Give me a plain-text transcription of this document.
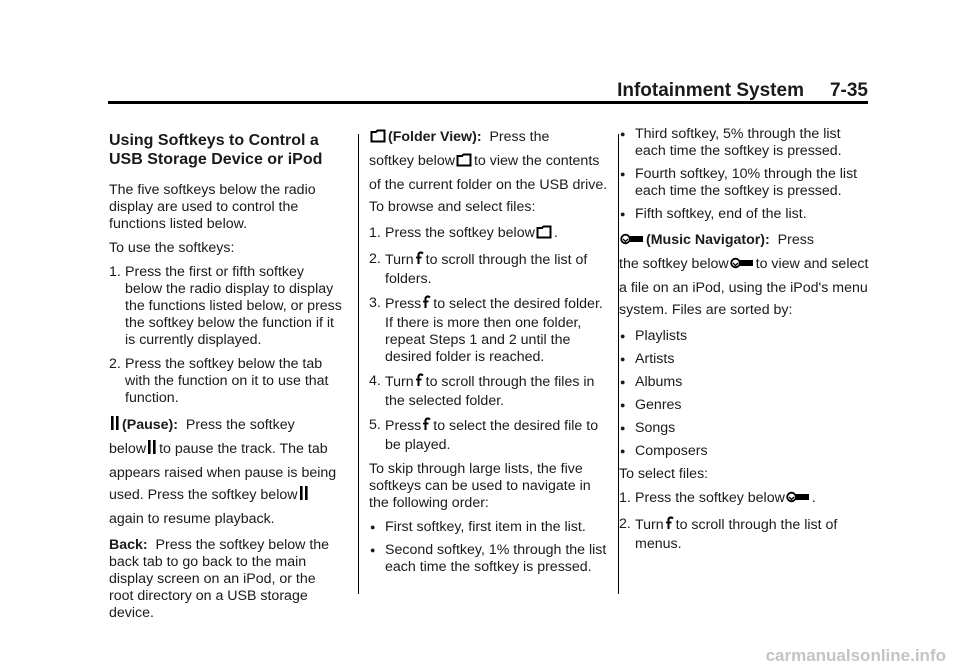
Infotainment System 7-35
Using Softkeys to Control a USB Storage Device or iPod

The five softkeys below the radio display are used to control the functions listed below.

To use the softkeys:

1. Press the first or fifth softkey below the radio display to display the functions listed below, or press the softkey below the function if it is currently displayed.
2. Press the softkey below the tab with the function on it to use that function.

(Pause): Press the softkey
below to pause the track. The tab appears raised when pause is being used. Press the softkey belowagain to resume playback.

Back: Press the softkey below the back tab to go back to the main display screen on an iPod, or the root directory on a USB storage device.

(Folder View): Press the
softkey below to view the contents of the current folder on the USB drive. To browse and select files:

1. Press the softkey below .
2. Turn to scroll through the list of folders.
3. Press to select the desired folder. If there is more then one folder, repeat Steps 1 and 2 until the desired folder is reached.
4. Turn to scroll through the files in the selected folder.
5. Press to select the desired file to be played.

To skip through large lists, the five softkeys can be used to navigate in the following order:

● First softkey, first item in the list.
● Second softkey, 1% through the list each time the softkey is pressed.
● Third softkey, 5% through the list each time the softkey is pressed.
● Fourth softkey, 10% through the list each time the softkey is pressed.
● Fifth softkey, end of the list.

(Music Navigator): Press
the softkey below to view and select a file on an iPod, using the iPod's menu system. Files are sorted by:

● Playlists
● Artists
● Albums
● Genres
● Songs
● Composers

To select files:

1. Press the softkey below .
2. Turn to scroll through the list of menus.
carmanualsonline.info
